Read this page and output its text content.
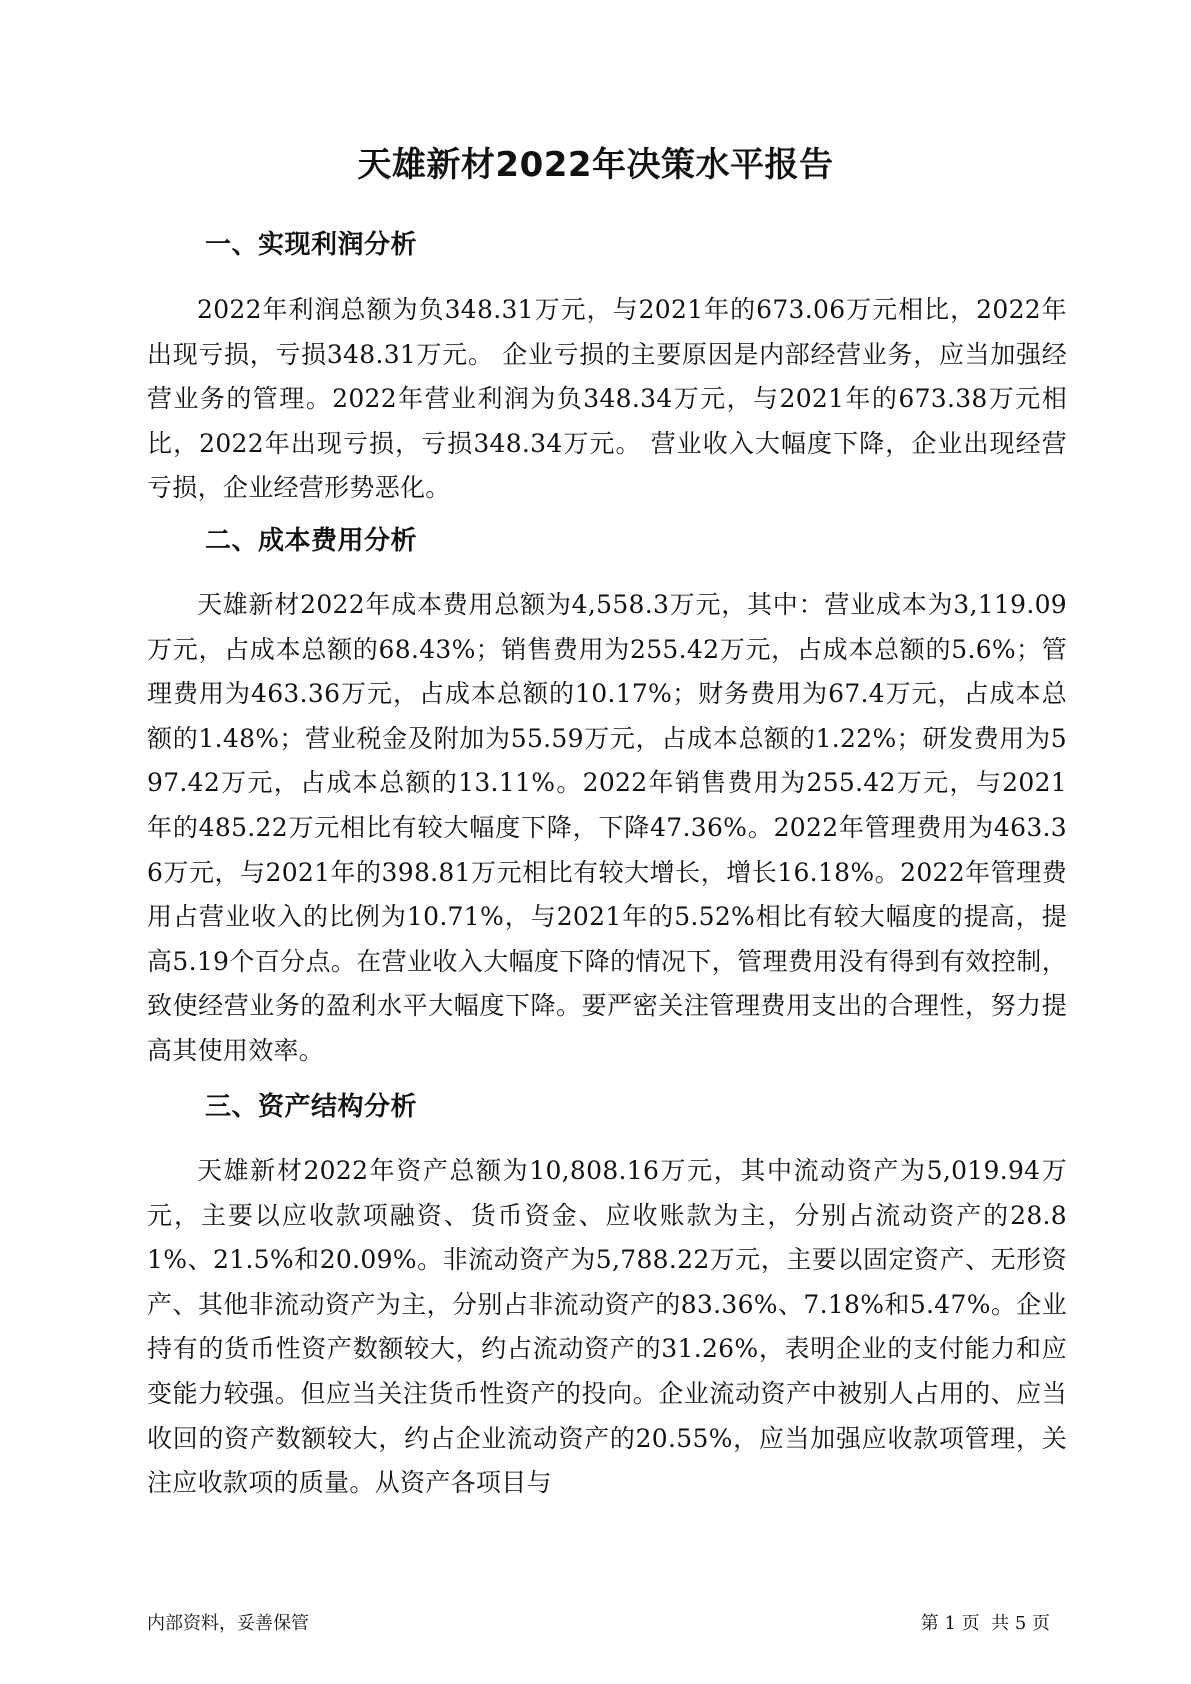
天雄新材2022年决策水平报告
一、实现利润分析

2022年利润总额为负348.31万元，与2021年的673.06万元相比，2022年出现亏损，亏损348.31万元。 企业亏损的主要原因是内部经营业务，应当加强经营业务的管理。2022年营业利润为负348.34万元，与2021年的673.38万元相比，2022年出现亏损，亏损348.34万元。 营业收入大幅度下降，企业出现经营亏损，企业经营形势恶化。

二、成本费用分析

天雄新材2022年成本费用总额为4,558.3万元，其中：营业成本为3,119.09万元，占成本总额的68.43%；销售费用为255.42万元，占成本总额的5.6%；管理费用为463.36万元，占成本总额的10.17%；财务费用为67.4万元，占成本总额的1.48%；营业税金及附加为55.59万元，占成本总额的1.22%；研发费用为597.42万元，占成本总额的13.11%。2022年销售费用为255.42万元，与2021年的485.22万元相比有较大幅度下降，下降47.36%。2022年管理费用为463.36万元，与2021年的398.81万元相比有较大增长，增长16.18%。2022年管理费用占营业收入的比例为10.71%，与2021年的5.52%相比有较大幅度的提高，提高5.19个百分点。在营业收入大幅度下降的情况下，管理费用没有得到有效控制，致使经营业务的盈利水平大幅度下降。要严密关注管理费用支出的合理性，努力提高其使用效率。

三、资产结构分析

天雄新材2022年资产总额为10,808.16万元，其中流动资产为5,019.94万元，主要以应收款项融资、货币资金、应收账款为主，分别占流动资产的28.81%、21.5%和20.09%。非流动资产为5,788.22万元，主要以固定资产、无形资产、其他非流动资产为主，分别占非流动资产的83.36%、7.18%和5.47%。企业持有的货币性资产数额较大，约占流动资产的31.26%，表明企业的支付能力和应变能力较强。但应当关注货币性资产的投向。企业流动资产中被别人占用的、应当收回的资产数额较大，约占企业流动资产的20.55%，应当加强应收款项管理，关注应收款项的质量。从资产各项目与

内部资料，妥善保管	第 1 页  共 5 页
